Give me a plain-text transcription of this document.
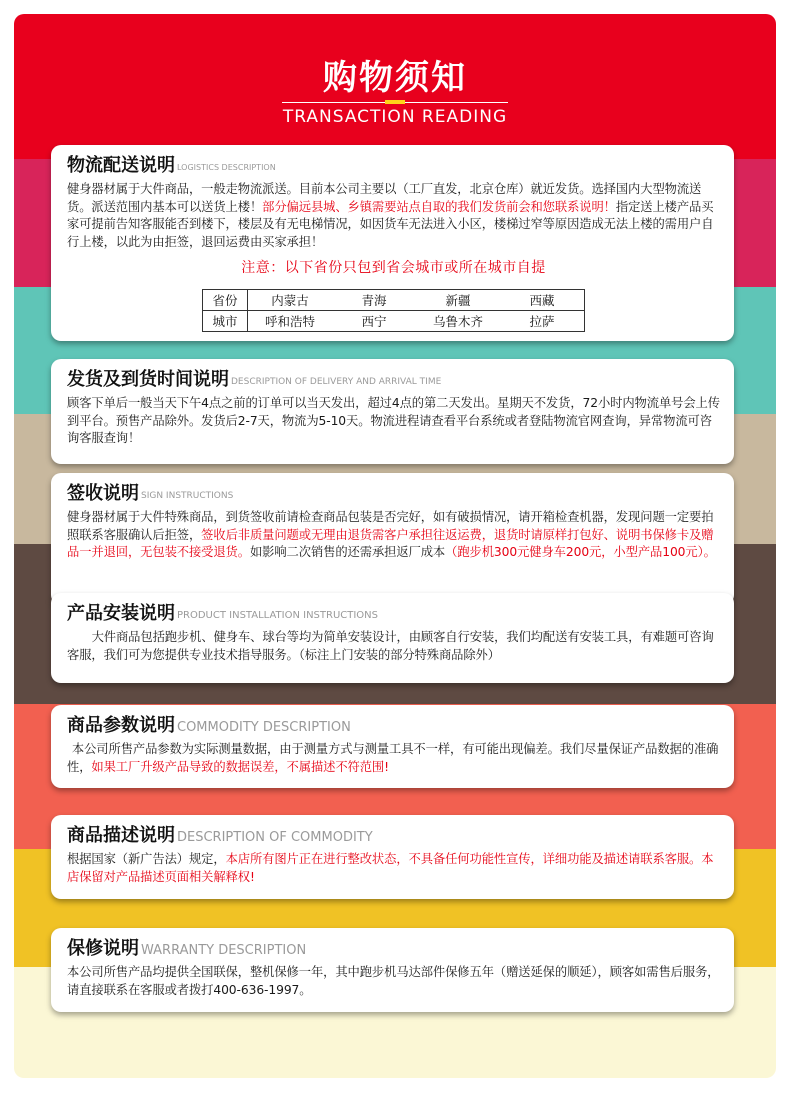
购物须知
TRANSACTION READING
物流配送说明 LOGISTICS DESCRIPTION
健身器材属于大件商品，一般走物流派送。目前本公司主要以（工厂直发，北京仓库）就近发货。选择国内大型物流送货。派送范围内基本可以送货上楼！部分偏远县城、乡镇需要站点自取的我们发货前会和您联系说明！指定送上楼产品买家可提前告知客服能否到楼下，楼层及有无电梯情况，如因货车无法进入小区，楼梯过窄等原因造成无法上楼的需用户自行上楼，以此为由拒签，退回运费由买家承担！
注意：以下省份只包到省会城市或所在城市自提
省份	内蒙古	青海	新疆	西藏
城市	呼和浩特	西宁	乌鲁木齐	拉萨
发货及到货时间说明 DESCRIPTION OF DELIVERY AND ARRIVAL TIME
顾客下单后一般当天下午4点之前的订单可以当天发出，超过4点的第二天发出。星期天不发货，72小时内物流单号会上传到平台。预售产品除外。发货后2-7天，物流为5-10天。物流进程请查看平台系统或者登陆物流官网查询，异常物流可咨询客服查询！
签收说明 SIGN INSTRUCTIONS
健身器材属于大件特殊商品，到货签收前请检查商品包装是否完好，如有破损情况，请开箱检查机器，发现问题一定要拍照联系客服确认后拒签，签收后非质量问题或无理由退货需客户承担往返运费，退货时请原样打包好、说明书保修卡及赠品一并退回，无包装不接受退货。如影响二次销售的还需承担返厂成本（跑步机300元健身车200元，小型产品100元）。
产品安装说明 PRODUCT INSTALLATION INSTRUCTIONS
大件商品包括跑步机、健身车、球台等均为简单安装设计，由顾客自行安装，我们均配送有安装工具，有难题可咨询客服，我们可为您提供专业技术指导服务。（标注上门安装的部分特殊商品除外）
商品参数说明 COMMODITY DESCRIPTION
本公司所售产品参数为实际测量数据，由于测量方式与测量工具不一样，有可能出现偏差。我们尽量保证产品数据的准确性，如果工厂升级产品导致的数据误差，不属描述不符范围!
商品描述说明 DESCRIPTION OF COMMODITY
根据国家（新广告法）规定，本店所有图片正在进行整改状态，不具备任何功能性宣传，详细功能及描述请联系客服。本店保留对产品描述页面相关解释权!
保修说明 WARRANTY DESCRIPTION
本公司所售产品均提供全国联保，整机保修一年，其中跑步机马达部件保修五年（赠送延保的顺延），顾客如需售后服务，请直接联系在客服或者拨打400-636-1997。
